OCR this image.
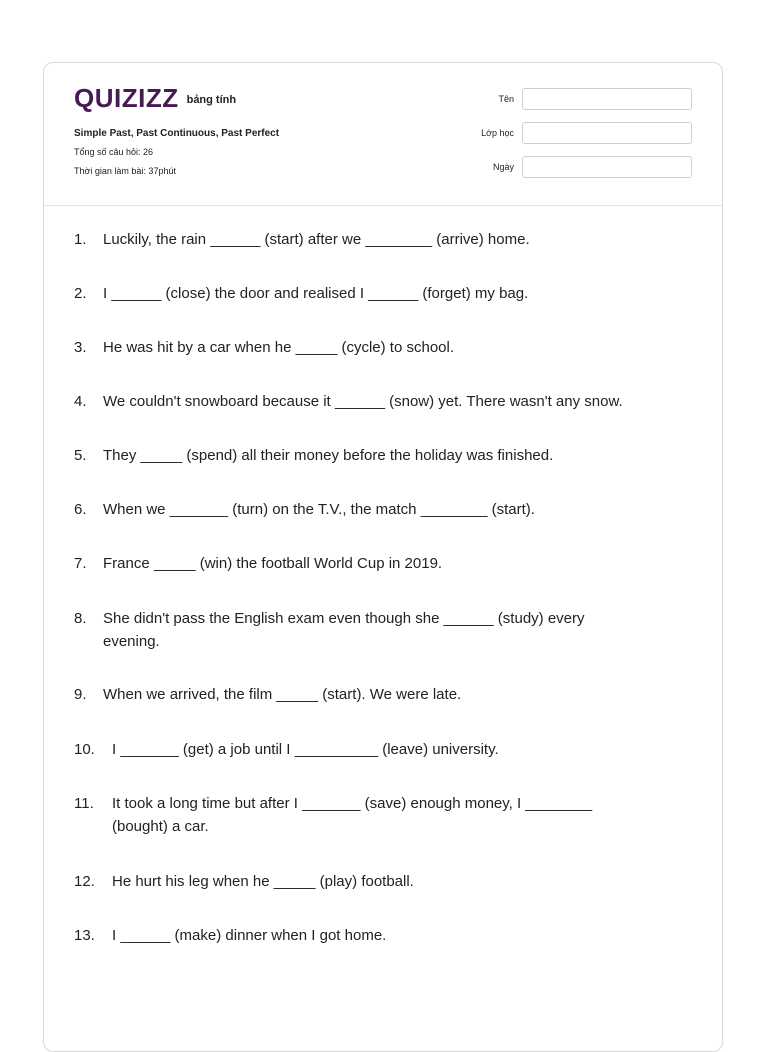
QUIZIZZ bảng tính
Simple Past, Past Continuous, Past Perfect
Tổng số câu hỏi: 26
Thời gian làm bài: 37phút
Tên
Lớp học
Ngày
1.	Luckily, the rain ______ (start) after we ________ (arrive) home.
2.	I ______ (close) the door and realised I ______ (forget) my bag.
3.	He was hit by a car when he _____ (cycle) to school.
4.	We couldn't snowboard because it ______ (snow) yet. There wasn't any snow.
5.	They _____ (spend) all their money before the holiday was finished.
6.	When we _______ (turn) on the T.V., the match ________ (start).
7.	France _____ (win) the football World Cup in 2019.
8.	She didn't pass the English exam even though she ______ (study) every evening.
9.	When we arrived, the film _____ (start). We were late.
10.	I _______ (get) a job until I __________ (leave) university.
11.	It took a long time but after I _______ (save) enough money, I ________ (bought) a car.
12.	He hurt his leg when he _____ (play) football.
13.	I ______ (make) dinner when I got home.
